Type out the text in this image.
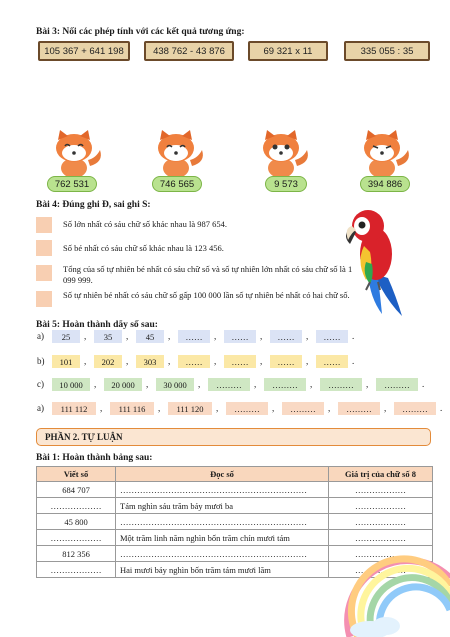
Bài 3: Nối các phép tính với các kết quả tương ứng:
105 367 + 641 198	438 762 - 43 876	69 321 x 11	335 055 : 35
762 531	746 565	9 573	394 886
Bài 4: Đúng ghi Đ, sai ghi S:
Số lớn nhất có sáu chữ số khác nhau là 987 654.
Số bé nhất có sáu chữ số khác nhau là 123 456.
Tổng của số tự nhiên bé nhất có sáu chữ số và số tự nhiên lớn nhất có sáu chữ số là 1 099 999.
Số tự nhiên bé nhất có sáu chữ số gấp 100 000 lần số tự nhiên bé nhất có hai chữ số.
Bài 5: Hoàn thành dãy số sau:
a)	25	,	35	,	45	,	……	,	……	,	……	,	……	.
b)	101	,	202	,	303	,	……	,	……	,	……	,	……	.
c)	10 000	,	20 000	,	30 000	,	………	,	………	,	………	,	………	.
a)	111 112	,	111 116	,	111 120	,	………	,	………	,	………	,	………	.
PHẦN 2. TỰ LUẬN
Bài 1: Hoàn thành bảng sau:
Viết số	Đọc số	Giá trị của chữ số 8
684 707	…………………………………………………………	………………
………………	Tám nghìn sáu trăm bảy mươi ba	………………
45 800	…………………………………………………………	………………
………………	Một trăm linh năm nghìn bốn trăm chín mươi tám	………………
812 356	…………………………………………………………	………………
………………	Hai mươi bảy nghìn bốn trăm tám mươi lăm	………………
